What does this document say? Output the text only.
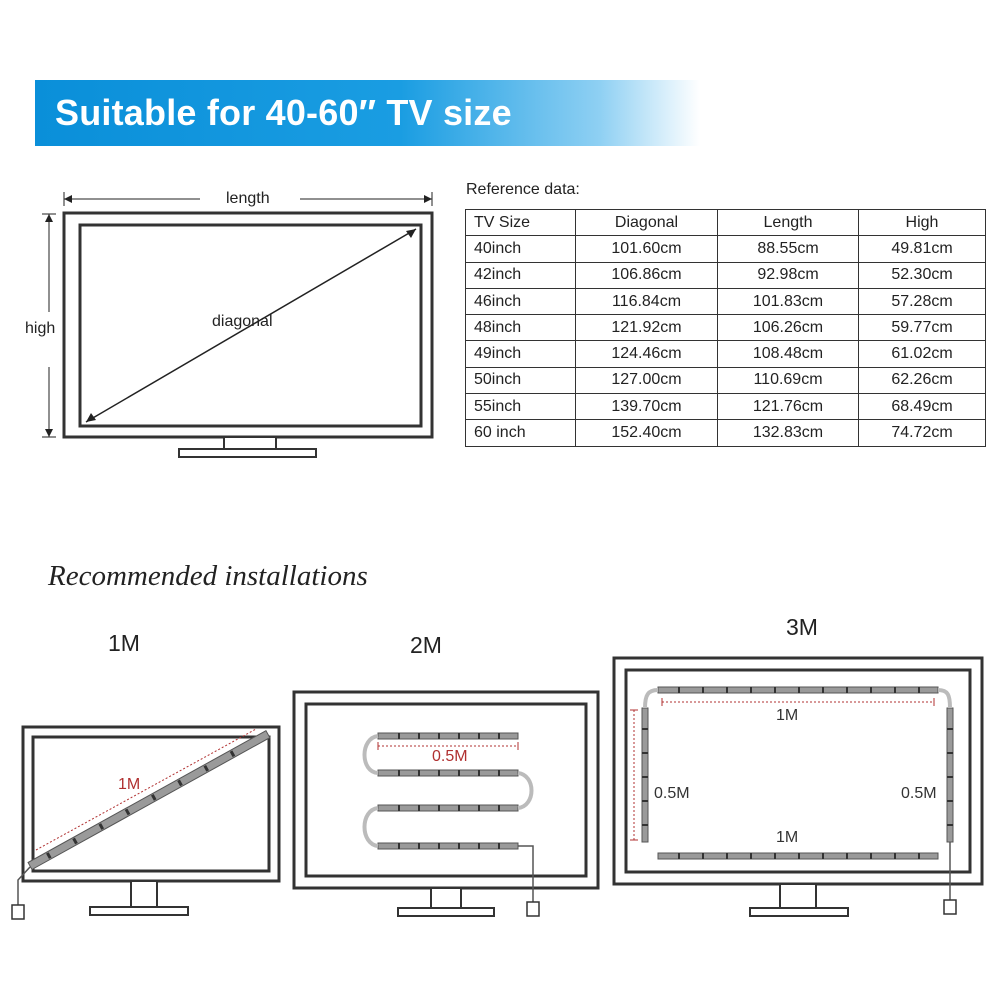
Suitable for 40-60″ TV size
length
high	diagonal
Reference data:
TV Size	Diagonal	Length	High
40inch	101.60cm	88.55cm	49.81cm
42inch	106.86cm	92.98cm	52.30cm
46inch	116.84cm	101.83cm	57.28cm
48inch	121.92cm	106.26cm	59.77cm
49inch	124.46cm	108.48cm	61.02cm
50inch	127.00cm	110.69cm	62.26cm
55inch	139.70cm	121.76cm	68.49cm
60 inch	152.40cm	132.83cm	74.72cm
Recommended installations
1M
1M
2M
0.5M
3M
1M
0.5M	0.5M
1M
